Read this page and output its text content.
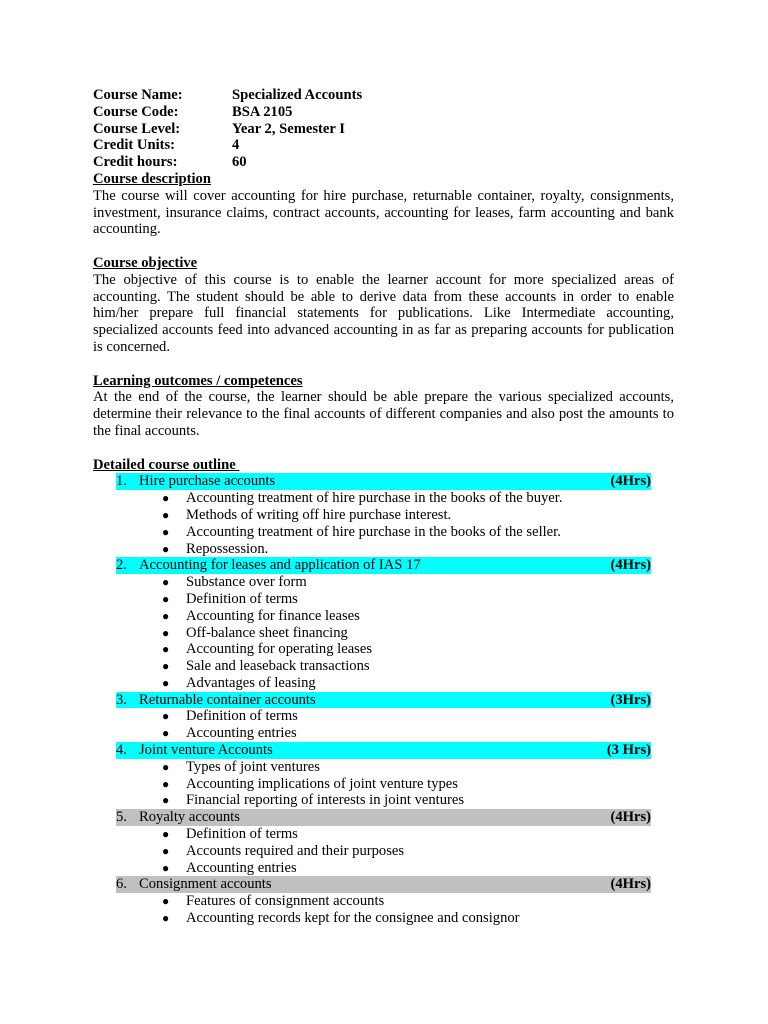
Course Name:	Specialized Accounts
Course Code:	BSA 2105
Course Level:	Year 2, Semester I
Credit Units:	4
Credit hours:	60
Course description
The course will cover accounting for hire purchase, returnable container, royalty, consignments, investment, insurance claims, contract accounts, accounting for leases, farm accounting and bank accounting.
Course objective
The objective of this course is to enable the learner account for more specialized areas of accounting. The student should be able to derive data from these accounts in order to enable him/her prepare full financial statements for publications. Like Intermediate accounting, specialized accounts feed into advanced accounting in as far as preparing accounts for publication is concerned.
Learning outcomes / competences
At the end of the course, the learner should be able prepare the various specialized accounts, determine their relevance to the final accounts of different companies and also post the amounts to the final accounts.
Detailed course outline
1. Hire purchase accounts	(4Hrs)
● Accounting treatment of hire purchase in the books of the buyer.
● Methods of writing off hire purchase interest.
● Accounting treatment of hire purchase in the books of the seller.
● Repossession.
2. Accounting for leases and application of IAS 17	(4Hrs)
● Substance over form
● Definition of terms
● Accounting for finance leases
● Off-balance sheet financing
● Accounting for operating leases
● Sale and leaseback transactions
● Advantages of leasing
3. Returnable container accounts	(3Hrs)
● Definition of terms
● Accounting entries
4. Joint venture Accounts	(3 Hrs)
● Types of joint ventures
● Accounting implications of joint venture types
● Financial reporting of interests in joint ventures
5. Royalty accounts	(4Hrs)
● Definition of terms
● Accounts required and their purposes
● Accounting entries
6. Consignment accounts	(4Hrs)
● Features of consignment accounts
● Accounting records kept for the consignee and consignor
